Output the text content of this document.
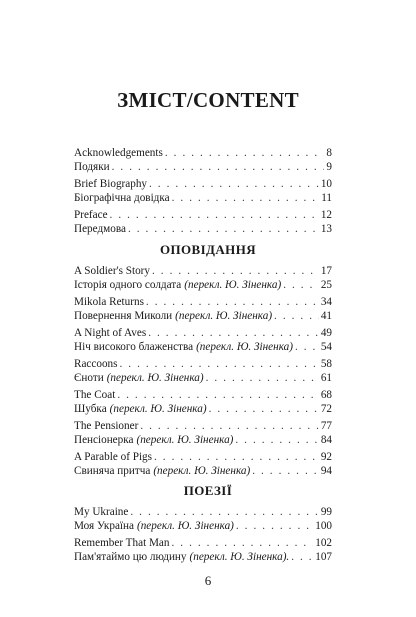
ЗМІСТ/CONTENT
Acknowledgements . . .	8
Подяки . . .	9
Brief Biography . . .	10
Біографічна довідка . . .	11
Preface . . .	12
Передмова . . .	13
A Soldier's Story . . .	17
Історія одного солдата (перекл. Ю. Зіненка) . . .	25
Mikola Returns . . .	34
Повернення Миколи (перекл. Ю. Зіненка) . . .	41
A Night of Aves . . .	49
Ніч високого блаженства (перекл. Ю. Зіненка) . . . 54
Raccoons . . .	58
Єноти (перекл. Ю. Зіненка) . . .	61
The Coat . . .	68
Шубка (перекл. Ю. Зіненка) . . .	72
The Pensioner . . .	77
Пенсіонерка (перекл. Ю. Зіненка) . . .	84
A Parable of Pigs . . .	92
Свиняча притча (перекл. Ю. Зіненка) . . .	94
My Ukraine . . .	99
Моя Україна (перекл. Ю. Зіненка) . . .	100
Remember That Man . . .	102
Пам'ятаймо цю людину (перекл. Ю. Зіненка). . . . 107
ОПОВІДАННЯ
ПОЕЗІЇ
6
